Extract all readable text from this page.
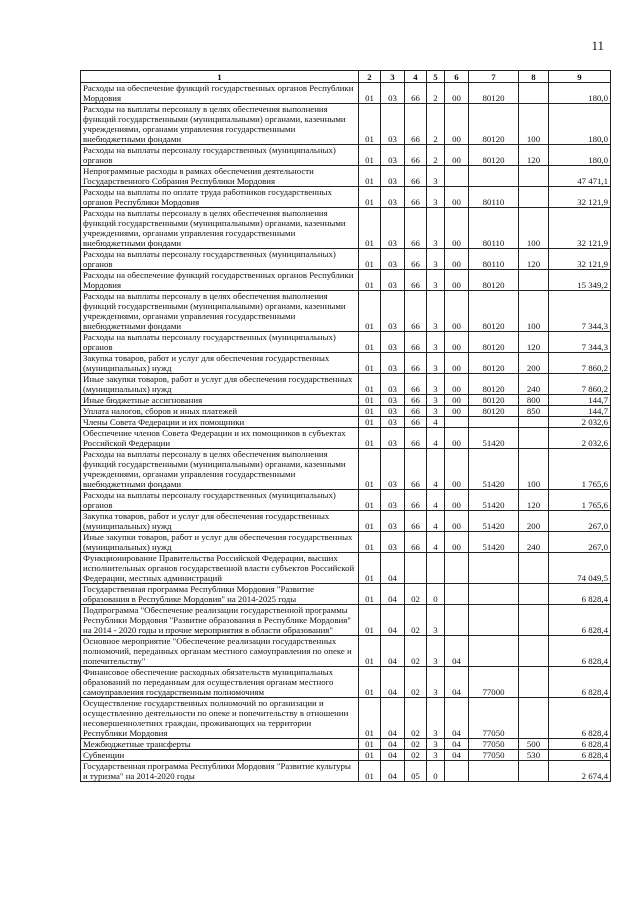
11
1	2	3	4	5	6	7	8	9
Расходы на обеспечение функций государственных органов Республики Мордовия	01	03	66	2	00	80120		180,0
Расходы на выплаты персоналу в целях обеспечения выполнения функций государственными (муниципальными) органами, казенными учреждениями, органами управления государственными внебюджетными фондами	01	03	66	2	00	80120	100	180,0
Расходы на выплаты персоналу государственных (муниципальных) органов	01	03	66	2	00	80120	120	180,0
Непрограммные расходы в рамках обеспечения деятельности Государственного Собрания Республики Мордовия	01	03	66	3				47 471,1
Расходы на выплаты по оплате труда работников государственных органов Республики Мордовия	01	03	66	3	00	80110		32 121,9
Расходы на выплаты персоналу в целях обеспечения выполнения функций государственными (муниципальными) органами, казенными учреждениями, органами управления государственными внебюджетными фондами	01	03	66	3	00	80110	100	32 121,9
Расходы на выплаты персоналу государственных (муниципальных) органов	01	03	66	3	00	80110	120	32 121,9
Расходы на обеспечение функций государственных органов Республики Мордовия	01	03	66	3	00	80120		15 349,2
Расходы на выплаты персоналу в целях обеспечения выполнения функций государственными (муниципальными) органами, казенными учреждениями, органами управления государственными внебюджетными фондами	01	03	66	3	00	80120	100	7 344,3
Расходы на выплаты персоналу государственных (муниципальных) органов	01	03	66	3	00	80120	120	7 344,3
Закупка товаров, работ и услуг для обеспечения государственных (муниципальных) нужд	01	03	66	3	00	80120	200	7 860,2
Иные закупки товаров, работ и услуг для обеспечения государственных (муниципальных) нужд	01	03	66	3	00	80120	240	7 860,2
Иные бюджетные ассигнования	01	03	66	3	00	80120	800	144,7
Уплата налогов, сборов и иных платежей	01	03	66	3	00	80120	850	144,7
Члены Совета Федерации и их помощники	01	03	66	4				2 032,6
Обеспечение членов Совета Федерации и их помощников в субъектах Российской Федерации	01	03	66	4	00	51420		2 032,6
Расходы на выплаты персоналу в целях обеспечения выполнения функций государственными (муниципальными) органами, казенными учреждениями, органами управления государственными внебюджетными фондами	01	03	66	4	00	51420	100	1 765,6
Расходы на выплаты персоналу государственных (муниципальных) органов	01	03	66	4	00	51420	120	1 765,6
Закупка товаров, работ и услуг для обеспечения государственных (муниципальных) нужд	01	03	66	4	00	51420	200	267,0
Иные закупки товаров, работ и услуг для обеспечения государственных (муниципальных) нужд	01	03	66	4	00	51420	240	267,0
Функционирование Правительства Российской Федерации, высших исполнительных органов государственной власти субъектов Российской Федерации, местных администраций	01	04						74 049,5
Государственная программа Республики Мордовия "Развитие образования в Республике Мордовия" на 2014-2025 годы	01	04	02	0				6 828,4
Подпрограмма "Обеспечение реализации государственной программы Республики Мордовия "Развитие образования в Республике Мордовия" на 2014 - 2020 годы и прочие мероприятия в области образования"	01	04	02	3				6 828,4
Основное мероприятие "Обеспечение реализации государственных полномочий, переданных органам местного самоуправления по опеке и попечительству"	01	04	02	3	04			6 828,4
Финансовое обеспечение расходных обязательств муниципальных образований по переданным для осуществления органам местного самоуправления государственным полномочиям	01	04	02	3	04	77000		6 828,4
Осуществление государственных полномочий по организации и осуществлению деятельности по опеке и попечительству в отношении несовершеннолетних граждан, проживающих на территории Республики Мордовия	01	04	02	3	04	77050		6 828,4
Межбюджетные трансферты	01	04	02	3	04	77050	500	6 828,4
Субвенции	01	04	02	3	04	77050	530	6 828,4
Государственная программа Республики Мордовия "Развитие культуры и туризма" на 2014-2020 годы	01	04	05	0				2 674,4
